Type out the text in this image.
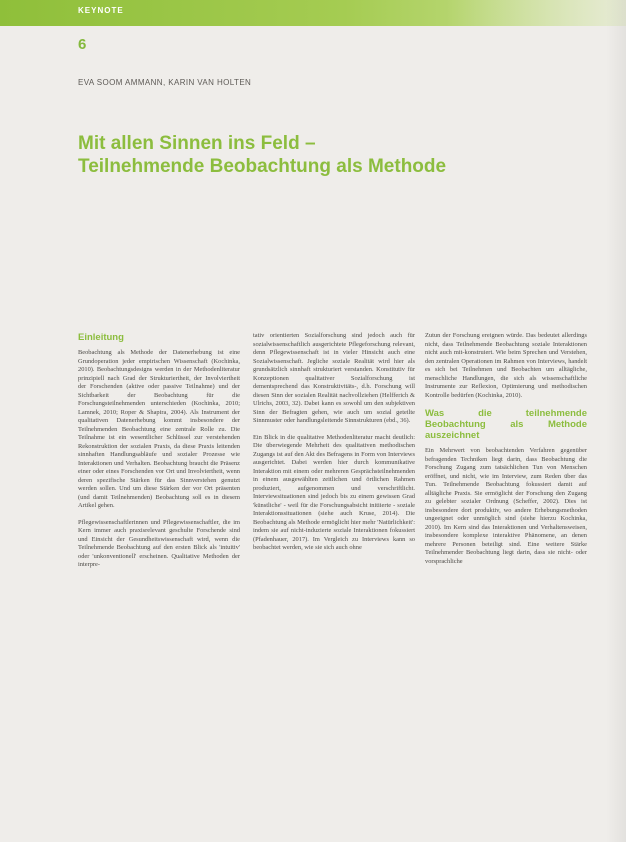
KEYNOTE
6
EVA SOOM AMMANN, KARIN VAN HOLTEN
Mit allen Sinnen ins Feld –
Teilnehmende Beobachtung als Methode
Einleitung

Beobachtung als Methode der Datenerhebung ist eine Grundoperation jeder empirischen Wissenschaft (Kochinka, 2010). Beobachtungsdesigns werden in der Methodenliteratur prinzipiell nach Grad der Strukturiertheit, der Involviertheit der Forschenden (aktive oder passive Teilnahme) und der Sichtbarkeit der Beobachtung für die Forschungsteilnehmenden unterschieden (Kochinka, 2010; Lamnek, 2010; Roper & Shapira, 2004). Als Instrument der qualitativen Datenerhebung kommt insbesondere der Teilnehmenden Beobachtung eine zentrale Rolle zu. Die Teilnahme ist ein wesentlicher Schlüssel zur verstehenden Rekonstruktion der sozialen Praxis, da diese Praxis leitenden sinnhaften Handlungsabläufe und sozialer Prozesse wie Interaktionen und Verhalten. Beobachtung braucht die Präsenz einer oder eines Forschenden vor Ort und Involviertheit, wenn deren spezifische Stärken für das Sinnverstehen genutzt werden sollen. Und um diese Stärken der vor Ort präsenten (und damit Teilnehmenden) Beobachtung soll es in diesem Artikel gehen.

Pflegewissenschaftlerinnen und Pflegewissenschaftler, die im Kern immer auch praxisrelevant geschulte Forschende sind und Einsicht der Gesundheitswissenschaft wird, wenn die Teilnehmende Beobachtung auf den ersten Blick als 'intuitiv' oder 'unkonventionell' erscheinen. Qualitative Methoden der interpre-

tativ orientierten Sozialforschung sind jedoch auch für sozialwissenschaftlich ausgerichtete Pflegeforschung relevant, denn Pflegewissenschaft ist in vieler Hinsicht auch eine Sozialwissenschaft. Jegliche soziale Realität wird hier als grundsätzlich sinnhaft strukturiert verstanden. Konstitutiv für Konzeptionen qualitativer Sozialforschung ist dementsprechend das Konstruktivitäts-, d.h. Forschung will diesen Sinn der sozialen Realität nachvollziehen (Helfferich & Ulrichs, 2003, 32). Dabei kann es sowohl um den subjektiven Sinn der Befragten gehen, wie auch um sozial geteilte Sinnmuster oder handlungsleitende Sinnstrukturen (ebd., 36).

Ein Blick in die qualitative Methodenliteratur macht deutlich: Die überwiegende Mehrheit des qualitativen methodischen Zugangs ist auf den Akt des Befragens in Form von Interviews ausgerichtet. Dabei werden hier durch kommunikative Interaktion mit einem oder mehreren Gesprächsteilnehmenden in einem ausgewählten zeitlichen und örtlichen Rahmen produziert, aufgenommen und verschriftlicht. Interviewsituationen sind jedoch bis zu einem gewissen Grad 'künstliche' - weil für die Forschungsabsicht initiierte - soziale Interaktionssituationen (siehe auch Kruse, 2014). Die Beobachtung als Methode ermöglicht hier mehr 'Natürlichkeit': indem sie auf nicht-induzierte soziale Interaktionen fokussiert (Pfadenhauer, 2017). Im Vergleich zu Interviews kann so beobachtet werden, wie sie sich auch ohne

Zutun der Forschung ereignen würde. Das bedeutet allerdings nicht, dass Teilnehmende Beobachtung soziale Interaktionen nicht auch mit-konstruiert. Wie beim Sprechen und Verstehen, den zentralen Operationen im Rahmen von Interviews, handelt es sich bei Teilnehmen und Beobachten um alltägliche, menschliche Handlungen, die sich als wissenschaftliche Instrumente zur Reflexion, Optimierung und methodischen Kontrolle bedürfen (Kochinka, 2010).

Was die teilnehmende Beobachtung als Methode auszeichnet

Ein Mehrwert von beobachtenden Verfahren gegenüber befragenden Techniken liegt darin, dass Beobachtung die Forschung Zugang zum tatsächlichen Tun von Menschen eröffnet, und nicht, wie im Interview, zum Reden über das Tun. Teilnehmende Beobachtung fokussiert damit auf alltägliche Praxis. Sie ermöglicht der Forschung den Zugang zu gelebter sozialer Ordnung (Scheffer, 2002). Dies ist insbesondere dort produktiv, wo andere Erhebungsmethoden ungeeignet oder unmöglich sind (siehe hierzu Kochinka, 2010). Im Kern sind das Interaktionen und Verhaltensweisen, insbesondere komplexe interaktive Phänomene, an denen mehrere Personen beteiligt sind. Eine weitere Stärke Teilnehmender Beobachtung liegt darin, dass sie nicht- oder vorsprachliche
